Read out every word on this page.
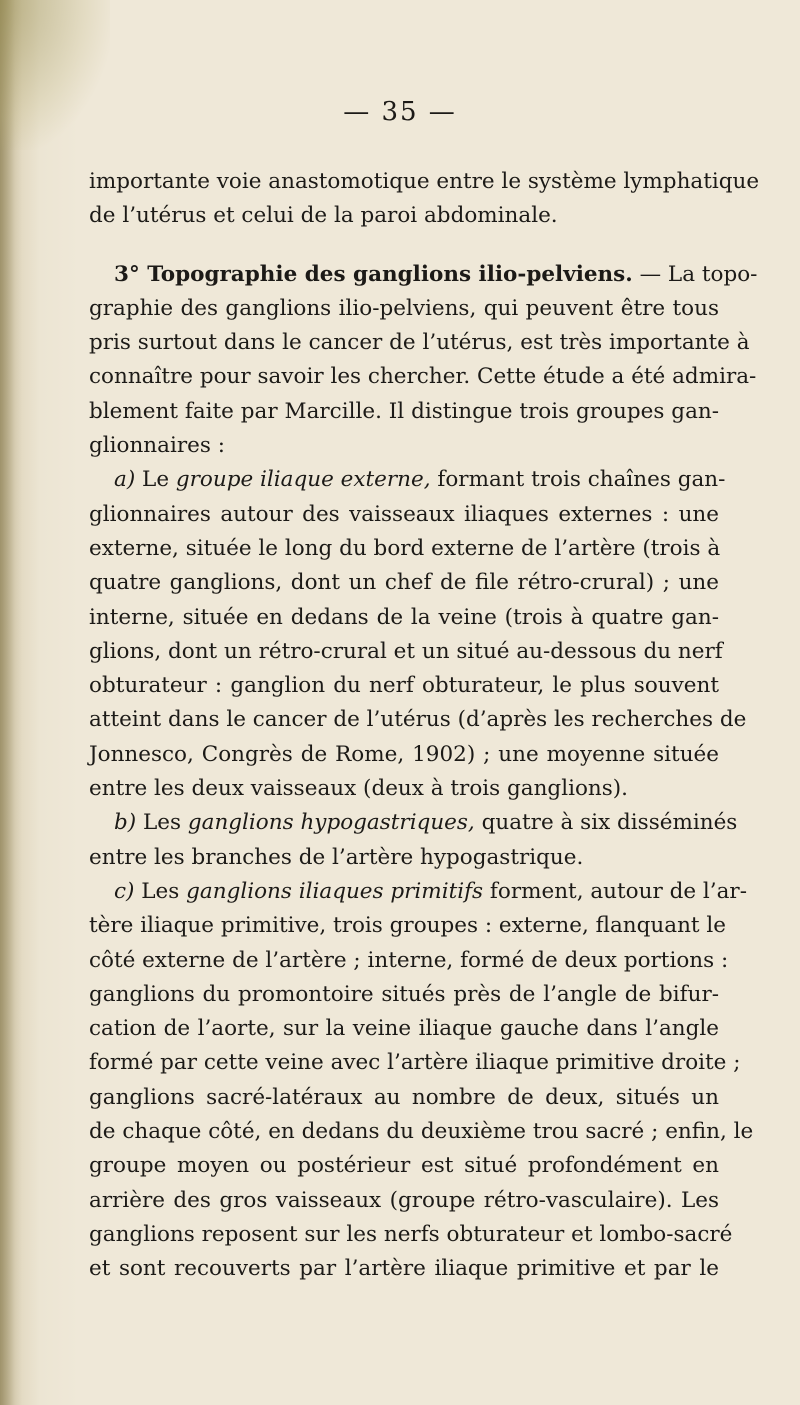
— 35 —
importante voie anastomotique entre le système lymphatique
de l’utérus et celui de la paroi abdominale.
3° Topographie des ganglions ilio-pelviens. — La topo-
graphie des ganglions ilio-pelviens, qui peuvent être tous
pris surtout dans le cancer de l’utérus, est très importante à
connaître pour savoir les chercher. Cette étude a été admira-
blement faite par Marcille. Il distingue trois groupes gan-
glionnaires :
a) Le groupe iliaque externe, formant trois chaînes gan-
glionnaires autour des vaisseaux iliaques externes : une
externe, située le long du bord externe de l’artère (trois à
quatre ganglions, dont un chef de file rétro-crural) ; une
interne, située en dedans de la veine (trois à quatre gan-
glions, dont un rétro-crural et un situé au-dessous du nerf
obturateur : ganglion du nerf obturateur, le plus souvent
atteint dans le cancer de l’utérus (d’après les recherches de
Jonnesco, Congrès de Rome, 1902) ; une moyenne située
entre les deux vaisseaux (deux à trois ganglions).
b) Les ganglions hypogastriques, quatre à six disséminés
entre les branches de l’artère hypogastrique.
c) Les ganglions iliaques primitifs forment, autour de l’ar-
tère iliaque primitive, trois groupes : externe, flanquant le
côté externe de l’artère ; interne, formé de deux portions :
ganglions du promontoire situés près de l’angle de bifur-
cation de l’aorte, sur la veine iliaque gauche dans l’angle
formé par cette veine avec l’artère iliaque primitive droite ;
ganglions sacré-latéraux au nombre de deux, situés un
de chaque côté, en dedans du deuxième trou sacré ; enfin, le
groupe moyen ou postérieur est situé profondément en
arrière des gros vaisseaux (groupe rétro-vasculaire). Les
ganglions reposent sur les nerfs obturateur et lombo-sacré
et sont recouverts par l’artère iliaque primitive et par le
